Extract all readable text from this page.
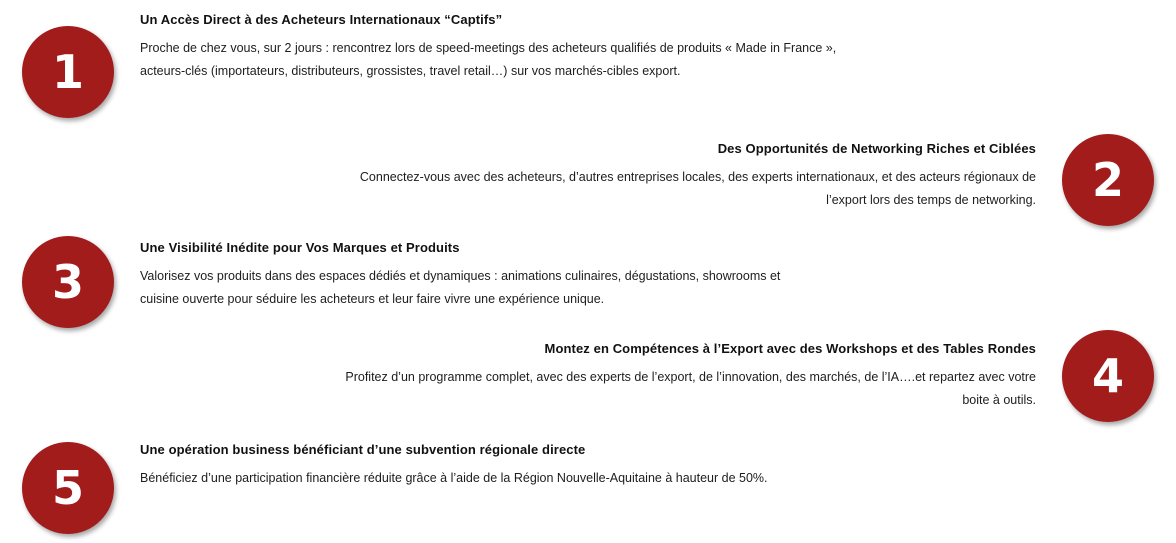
1

Un Accès Direct à des Acheteurs Internationaux “Captifs”

Proche de chez vous, sur 2 jours : rencontrez lors de speed-meetings des acheteurs qualifiés de produits « Made in France », acteurs-clés (importateurs, distributeurs, grossistes, travel retail…) sur vos marchés-cibles export.

2

Des Opportunités de Networking Riches et Ciblées

Connectez-vous avec des acheteurs, d’autres entreprises locales, des experts internationaux, et des acteurs régionaux de l’export lors des temps de networking.

3

Une Visibilité Inédite pour Vos Marques et Produits

Valorisez vos produits dans des espaces dédiés et dynamiques : animations culinaires, dégustations, showrooms et cuisine ouverte pour séduire les acheteurs et leur faire vivre une expérience unique.

4

Montez en Compétences à l’Export avec des Workshops et des Tables Rondes

Profitez d’un programme complet, avec des experts de l’export, de l’innovation, des marchés, de l’IA….et repartez avec votre boite à outils.

5

Une opération business bénéficiant d’une subvention régionale directe

Bénéficiez d’une participation financière réduite grâce à l’aide de la Région Nouvelle-Aquitaine à hauteur de 50%.
